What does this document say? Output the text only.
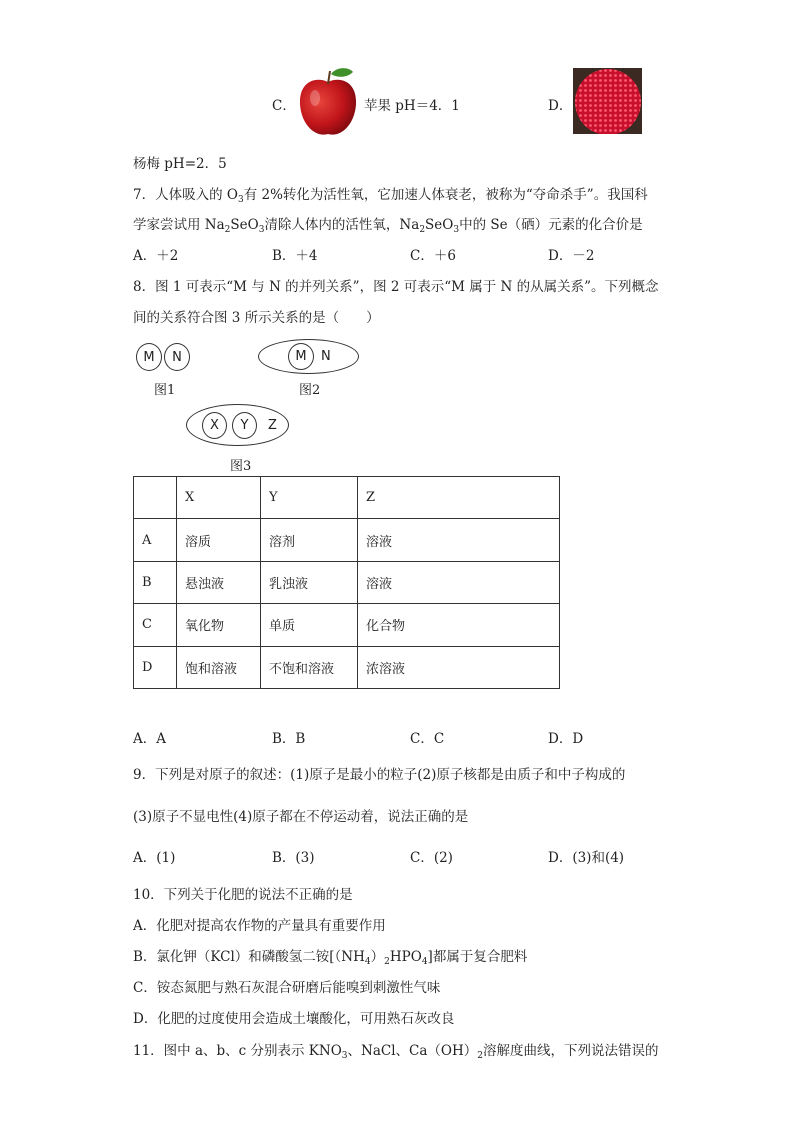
C．	苹果 pH＝4．1	D．
杨梅 pH=2．5
7．人体吸入的 $O_3$有 2%转化为活性氧，它加速人体衰老，被称为“夺命杀手”。我国科
学家尝试用 $Na_2SeO_3$清除人体内的活性氧，$Na_2SeO_3$中的 Se（硒）元素的化合价是
A．＋2	B．＋4	C．＋6	D．－2
8．图 1 可表示“M 与 N 的并列关系”，图 2 可表示“M 属于 N 的从属关系”。下列概念
间的关系符合图 3 所示关系的是（　　）
M N
图1
M N
图2
X Y Z
图3
	X	Y	Z
A	溶质	溶剂	溶液
B	悬浊液	乳浊液	溶液
C	氧化物	单质	化合物
D	饱和溶液	不饱和溶液	浓溶液
A．A	B．B	C．C	D．D
9．下列是对原子的叙述：(1)原子是最小的粒子(2)原子核都是由质子和中子构成的
(3)原子不显电性(4)原子都在不停运动着，说法正确的是
A．(1)	B．(3)	C．(2)	D．(3)和(4)
10．下列关于化肥的说法不正确的是
A．化肥对提高农作物的产量具有重要作用
B．氯化钾（KCl）和磷酸氢二铵$[(NH_4)_2HPO_4]$都属于复合肥料
C．铵态氮肥与熟石灰混合研磨后能嗅到刺激性气味
D．化肥的过度使用会造成土壤酸化，可用熟石灰改良
11．图中 a、b、c 分别表示 $KNO_3$、NaCl、$Ca(OH)_2$溶解度曲线，下列说法错误的
